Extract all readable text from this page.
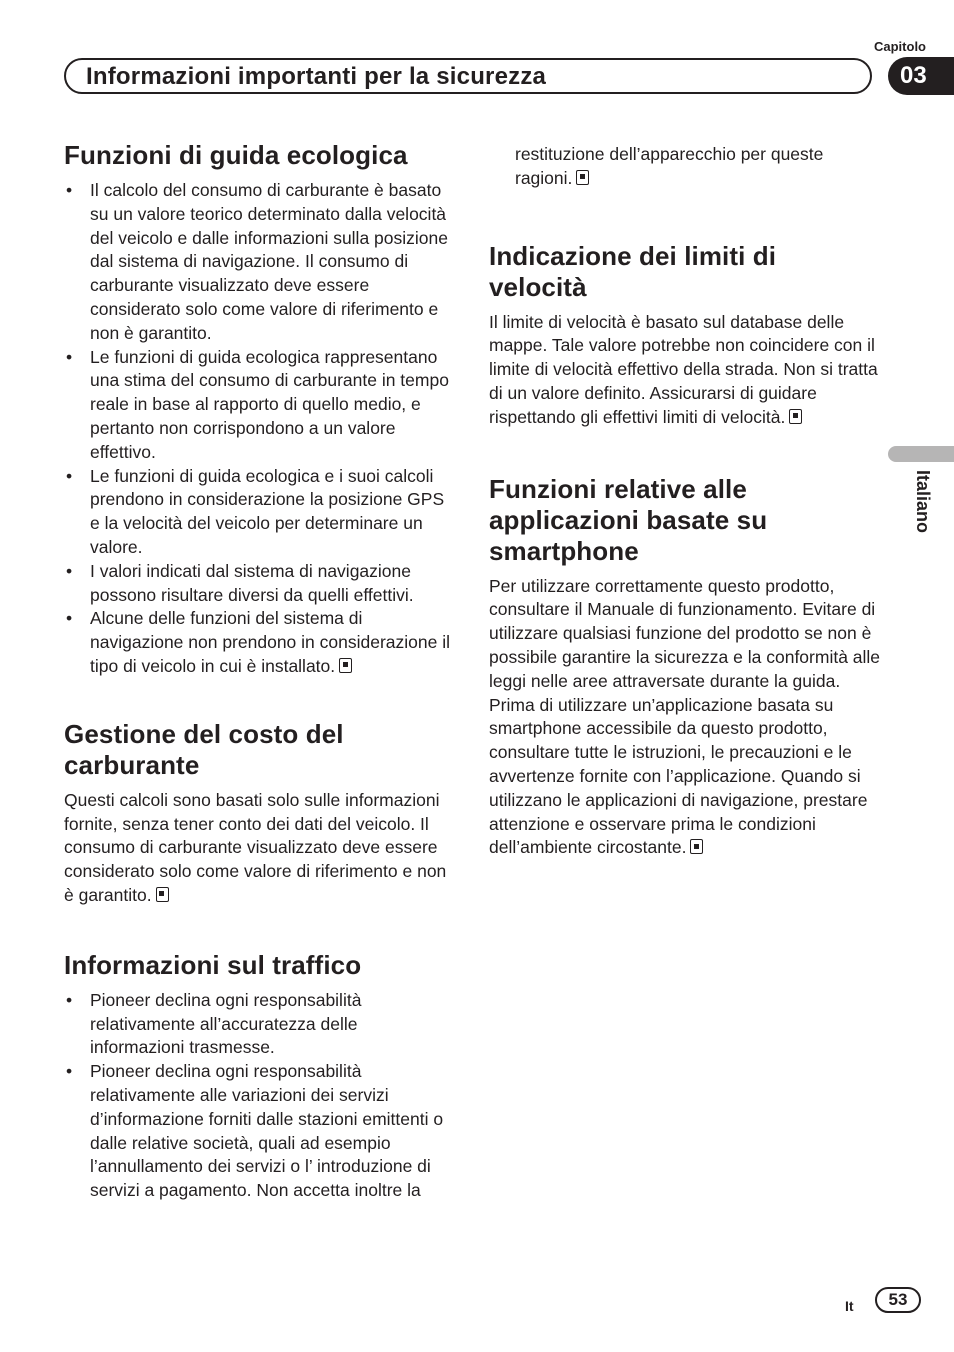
Informazioni importanti per la sicurezza
Capitolo
03
Italiano
Funzioni di guida ecologica
• Il calcolo del consumo di carburante è basato su un valore teorico determinato dalla velocità del veicolo e dalle informazioni sulla posizione dal sistema di navigazione. Il consumo di carburante visualizzato deve essere considerato solo come valore di riferimento e non è garantito.
• Le funzioni di guida ecologica rappresentano una stima del consumo di carburante in tempo reale in base al rapporto di quello medio, e pertanto non corrispondono a un valore effettivo.
• Le funzioni di guida ecologica e i suoi calcoli prendono in considerazione la posizione GPS e la velocità del veicolo per determinare un valore.
• I valori indicati dal sistema di navigazione possono risultare diversi da quelli effettivi.
• Alcune delle funzioni del sistema di navigazione non prendono in considerazione il tipo di veicolo in cui è installato.
Gestione del costo del carburante

Questi calcoli sono basati solo sulle informazioni fornite, senza tener conto dei dati del veicolo. Il consumo di carburante visualizzato deve essere considerato solo come valore di riferimento e non è garantito.

Informazioni sul traffico
• Pioneer declina ogni responsabilità relativamente all’accuratezza delle informazioni trasmesse.
• Pioneer declina ogni responsabilità relativamente alle variazioni dei servizi d’informazione forniti dalle stazioni emittenti o dalle relative società, quali ad esempio l’annullamento dei servizi o l’ introduzione di servizi a pagamento. Non accetta inoltre la

restituzione dell’apparecchio per queste ragioni.

Indicazione dei limiti di velocità

Il limite di velocità è basato sul database delle mappe. Tale valore potrebbe non coincidere con il limite di velocità effettivo della strada. Non si tratta di un valore definito. Assicurarsi di guidare rispettando gli effettivi limiti di velocità.

Funzioni relative alle applicazioni basate su smartphone

Per utilizzare correttamente questo prodotto, consultare il Manuale di funzionamento. Evitare di utilizzare qualsiasi funzione del prodotto se non è possibile garantire la sicurezza e la conformità alle leggi nelle aree attraversate durante la guida. Prima di utilizzare un’applicazione basata su smartphone accessibile da questo prodotto, consultare tutte le istruzioni, le precauzioni e le avvertenze fornite con l’applicazione. Quando si utilizzano le applicazioni di navigazione, prestare attenzione e osservare prima le condizioni dell’ambiente circostante.

It	53
